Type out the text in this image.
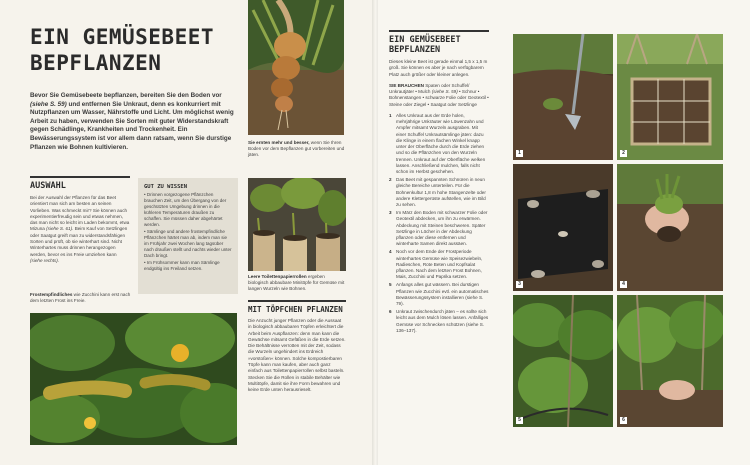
EIN GEMÜSEBEET
BEPFLANZEN

Bevor Sie Gemüsebeete bepflanzen, bereiten Sie den Boden vor (siehe S. 59) und entfernen Sie Unkraut, denn es konkurriert mit Nutzpflanzen um Wasser, Nährstoffe und Licht. Um möglichst wenig Arbeit zu haben, verwenden Sie Sorten mit guter Widerstandskraft gegen Schädlinge, Krankheiten und Trockenheit. Ein Bewässerungssystem ist vor allem dann ratsam, wenn Sie durstige Pflanzen wie Bohnen kultivieren.

Sie ernten mehr und besser, wenn Sie Ihren Boden vor dem Bepflanzen gut vorbereiten und jäten.

AUSWAHL

Bei der Auswahl der Pflanzen für das Beet orientiert man sich am besten an seinen Vorlieben. Was schmeckt mir? Sie können auch experimentierfreudig sein und etwas nehmen, das man nicht so leicht im Laden bekommt, etwa Mizuna (siehe S. 61). Beim Kauf von Setzlingen oder Saatgut greift man zu widerstandsfähigen Sorten und prüft, ob sie winterhart sind. Nicht Winterhartes muss drinnen herangezogen werden, bevor es ins Freie umziehen kann (siehe rechts).

GUT ZU WISSEN
• Drinnen vorgezogene Pflänzchen brauchen Zeit, um den Übergang von der geschützten Umgebung drinnen in die kühleren Temperaturen draußen zu schaffen. Sie müssen daher abgehärtet werden.
• Sämlinge und andere frostempfindliche Pflänzchen härtet man ab, indem man sie im Frühjahr zwei Wochen lang tagsüber nach draußen stellt und nachts wieder unter Dach bringt.
• Im Frühsommer kann man Sämlinge endgültig ins Freiland setzen.

Frostempfindliches wie Zucchini kann erst nach dem letzten Frost ins Freie.

Leere Toilettenpapierrollen ergeben biologisch abbaubare Minitöpfe für Gemüse mit langen Wurzeln wie Bohnen.

MIT TÖPFCHEN PFLANZEN

Die Anzucht junger Pflanzen oder die Aussaat in biologisch abbaubaren Töpfen erleichtert die Arbeit beim Auspflanzen: denn man kann die Gewächse mitsamt Gefäßen in die Erde setzen. Die Behältnisse verrotten mit der Zeit, sodass die Wurzeln ungehindert ins Erdreich »vorstoßen« können. Solche kompostierbaren Töpfe kann man kaufen, aber auch ganz einfach aus Toilettenpapierrollen selbst basteln. Stecken Sie die Rollen in stabile Behälter wie Multitöpfe, damit sie ihre Form bewahren und keine Erde unten herausrieselt.

EIN GEMÜSEBEET
BEPFLANZEN

Dieses kleine Beet ist gerade einmal 1,5 x 1,5 m groß. Sie können es aber je nach verfügbarem Platz auch größer oder kleiner anlegen.

SIE BRAUCHEN Spaten oder Schuffel/ Unkrautjäter • Mulch (siehe S. 59) • Schnur • Bohnenstangen • schwarze Folie oder Geotextil • Steine oder Ziegel • Saatgut oder Setzlinge

1 Alles Unkraut aus der Erde holen, mehrjährige Unkräuter wie Löwenzahn und Ampfer mitsamt Wurzeln ausgraben. Mit einer Schuffel Unkrautsämlinge jäten: dazu die Klinge in einem flachen Winkel knapp unter der Oberfläche durch die Erde ziehen und so die Pflänzchen von den Wurzeln trennen. Unkraut auf der Oberfläche welken lassen. Anschließend mulchen, falls nicht schon im Herbst geschehen.
2 Das Beet mit gespannten Schnüren in neun gleiche Bereiche unterteilen. Für die Bohnenkultur 1,8 m hohe Stangenzelte oder andere Klettergerüste aufstellen, wie im Bild zu sehen.
3 Im März den Boden mit schwarzer Folie oder Geotextil abdecken, um ihn zu erwärmen. Abdeckung mit Steinen beschweren. Später Setzlinge in Löcher in der Abdeckung pflanzen oder diese entfernen und winterharte Samen direkt aussäen.
4 Noch vor dem Ende der Frostperiode winterhartes Gemüse wie Speisezwiebeln, Radieschen, Rote Beten und Kopfsalat pflanzen. Nach dem letzten Frost Bohnen, Mais, Zucchini und Paprika setzen.
5 Anfangs alles gut wässern. Bei durstigen Pflanzen wie Zucchini evtl. ein automatisches Bewässerungssystem installieren (siehe S. 79).
6 Unkraut zwischendurch jäten – es sollte sich leicht aus dem Mulch lösen lassen. Anfälliges Gemüse vor Schnecken schützen (siehe S. 136–137).
1	2
3	4
5	6
